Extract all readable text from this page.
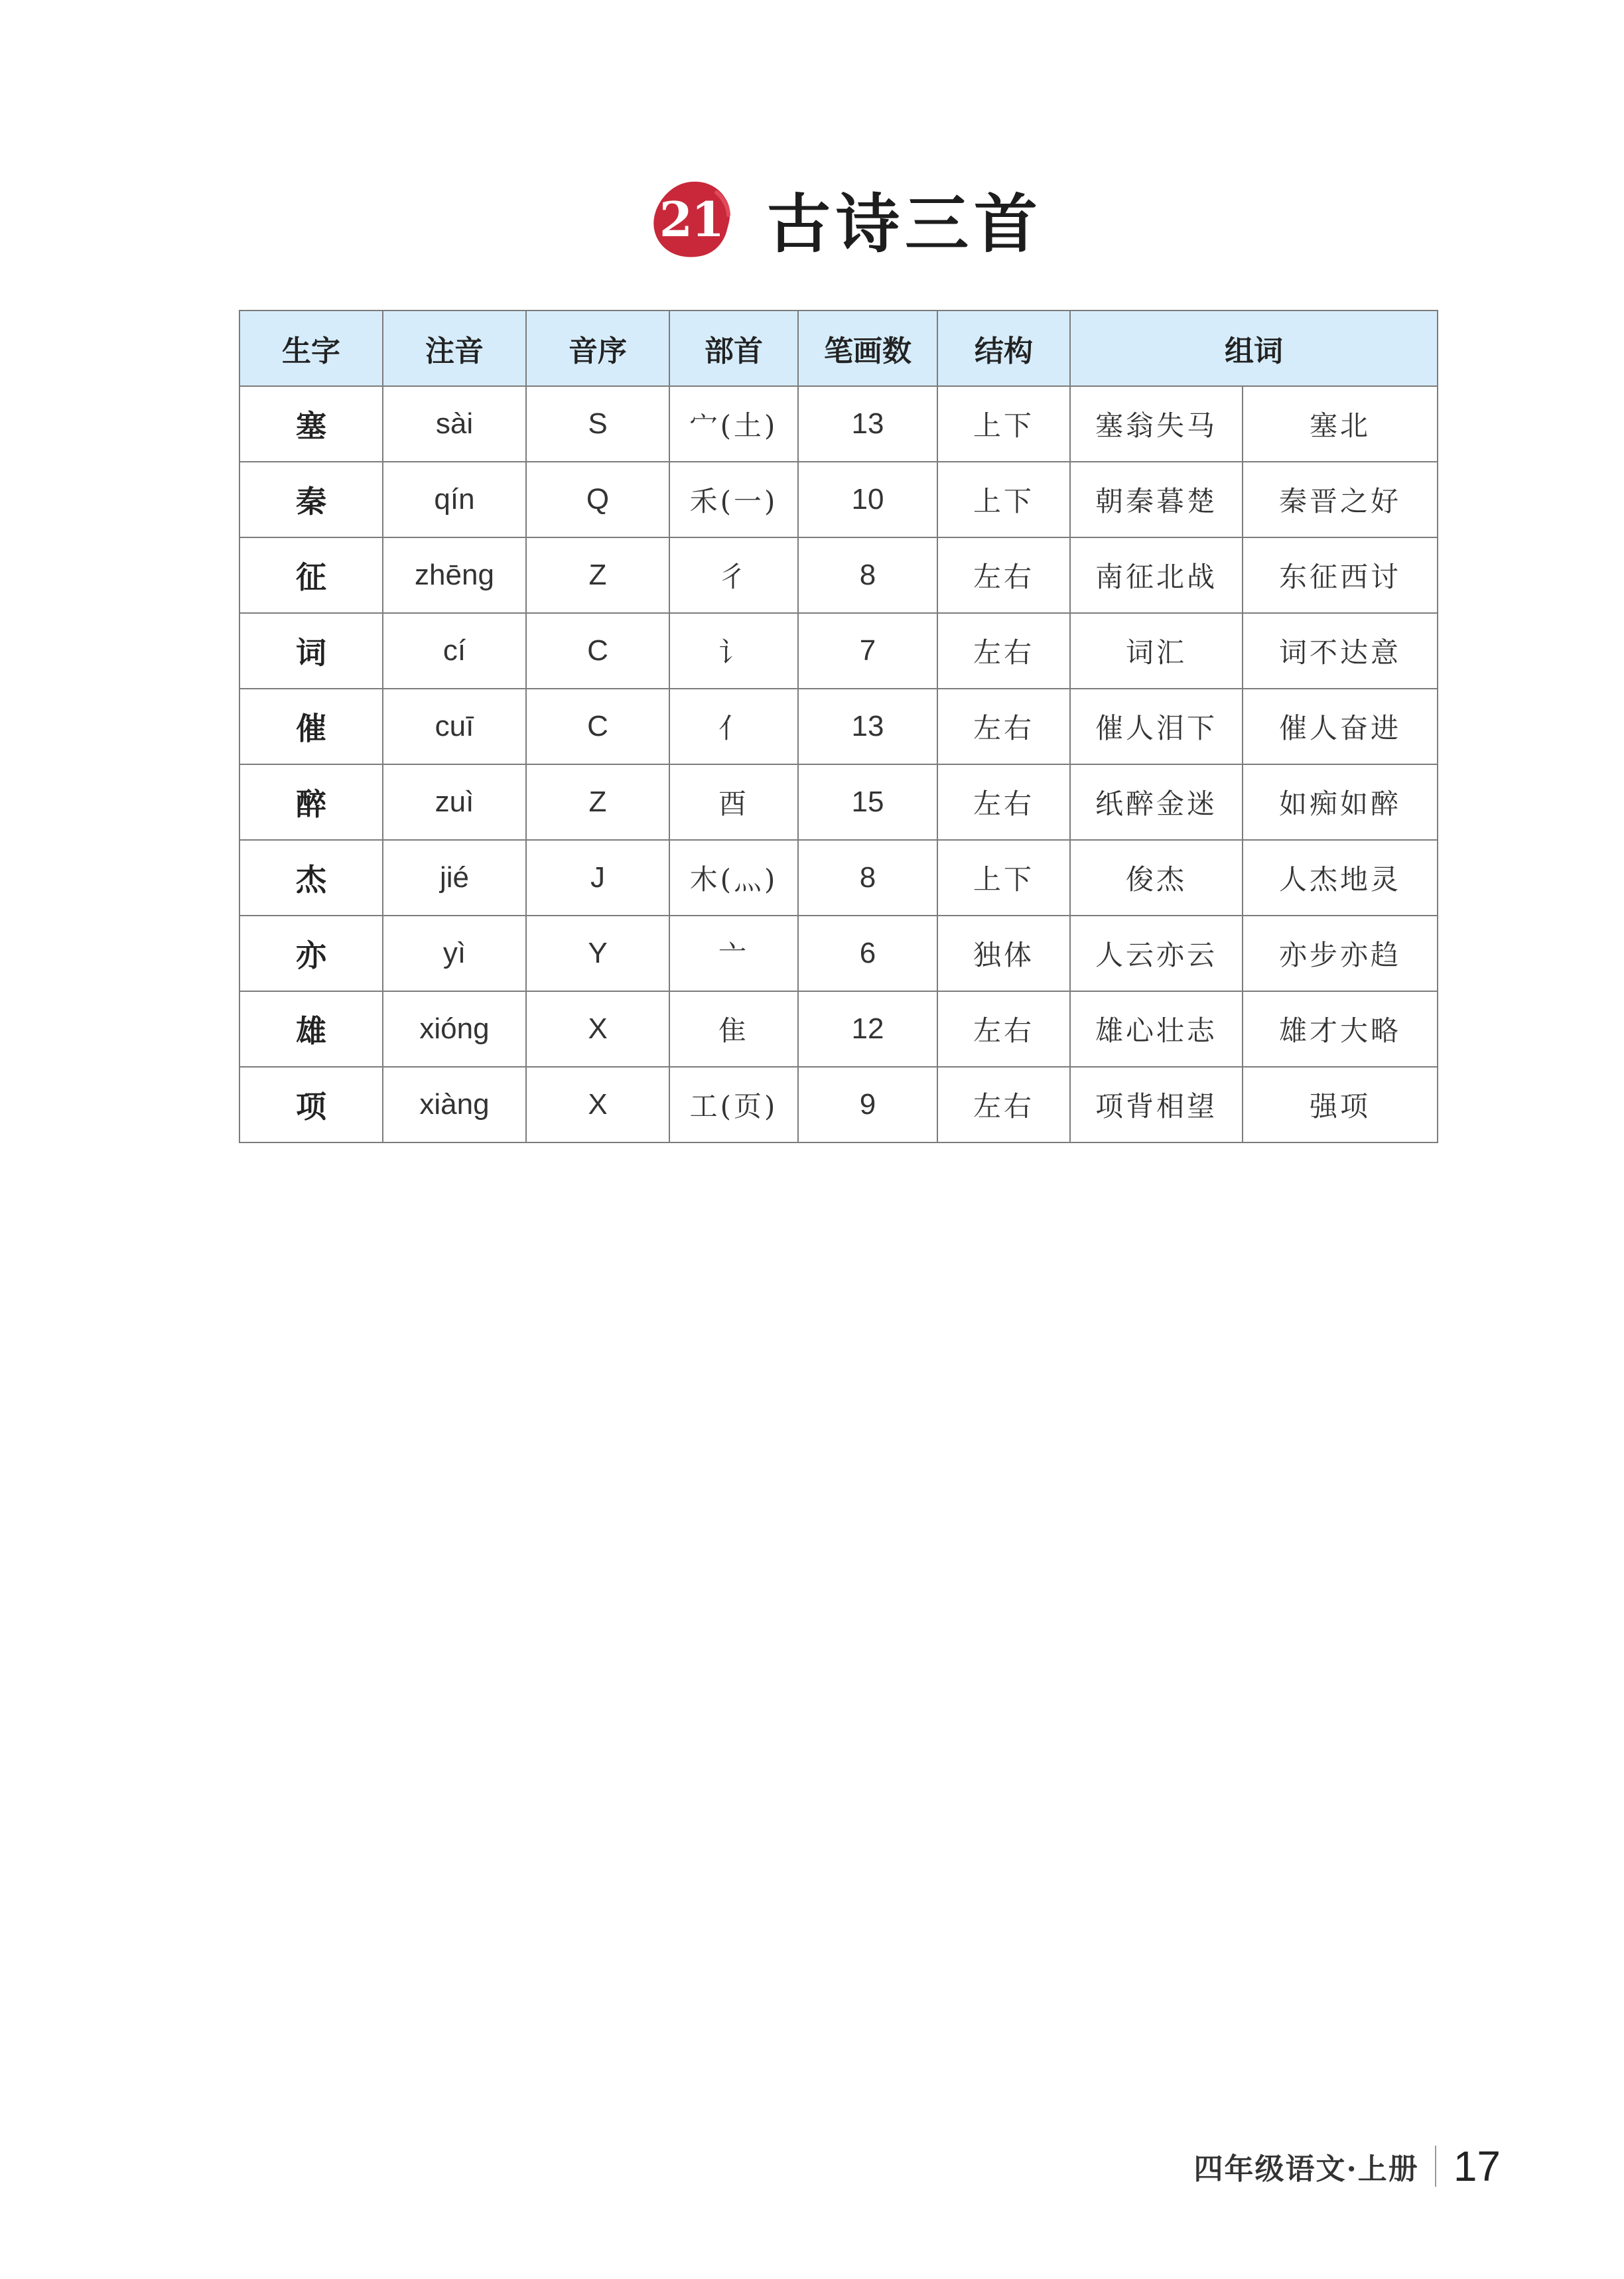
21 古诗三首
生字	注音	音序	部首	笔画数	结构	组词	
塞	sài	S	宀(土)	13	上下	塞翁失马	塞北
秦	qín	Q	禾(一)	10	上下	朝秦暮楚	秦晋之好
征	zhēng	Z	彳	8	左右	南征北战	东征西讨
词	cí	C	讠	7	左右	词汇	词不达意
催	cuī	C	亻	13	左右	催人泪下	催人奋进
醉	zuì	Z	酉	15	左右	纸醉金迷	如痴如醉
杰	jié	J	木(灬)	8	上下	俊杰	人杰地灵
亦	yì	Y	亠	6	独体	人云亦云	亦步亦趋
雄	xióng	X	隹	12	左右	雄心壮志	雄才大略
项	xiàng	X	工(页)	9	左右	项背相望	强项
四年级语文·上册 17
